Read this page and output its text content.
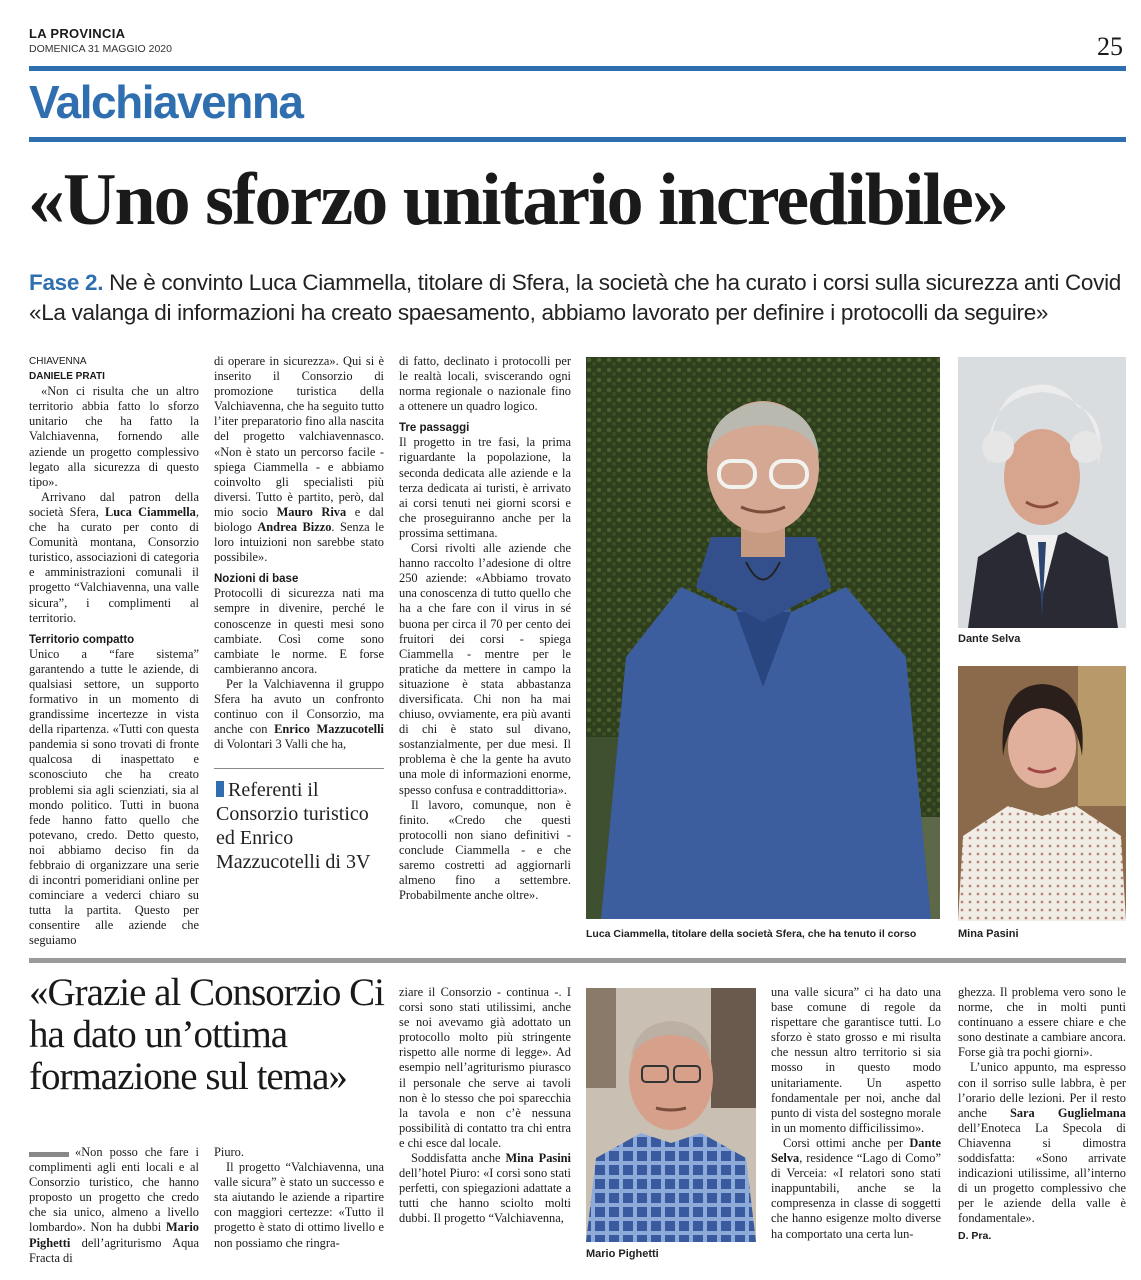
LA PROVINCIA
DOMENICA 31 MAGGIO 2020	25
Valchiavenna
«Uno sforzo unitario incredibile»
Fase 2. Ne è convinto Luca Ciammella, titolare di Sfera, la società che ha curato i corsi sulla sicurezza anti Covid
«La valanga di informazioni ha creato spaesamento, abbiamo lavorato per definire i protocolli da seguire»
CHIAVENNA
DANIELE PRATI

«Non ci risulta che un altro territorio abbia fatto lo sforzo unitario che ha fatto la Valchiavenna, fornendo alle aziende un progetto complessivo legato alla sicurezza di questo tipo».

Arrivano dal patron della società Sfera, Luca Ciammella, che ha curato per conto di Comunità montana, Consorzio turistico, associazioni di categoria e amministrazioni comunali il progetto “Valchiavenna, una valle sicura”, i complimenti al territorio.

Territorio compatto

Unico a “fare sistema” garantendo a tutte le aziende, di qualsiasi settore, un supporto formativo in un momento di grandissime incertezze in vista della ripartenza. «Tutti con questa pandemia si sono trovati di fronte qualcosa di inaspettato e sconosciuto che ha creato problemi sia agli scienziati, sia al mondo politico. Tutti in buona fede hanno fatto quello che potevano, credo. Detto questo, noi abbiamo deciso fin da febbraio di organizzare una serie di incontri pomeridiani online per cominciare a vederci chiaro su tutta la partita. Questo per consentire alle aziende che seguiamo

di operare in sicurezza». Qui si è inserito il Consorzio di promozione turistica della Valchiavenna, che ha seguito tutto l’iter preparatorio fino alla nascita del progetto valchiavennasco. «Non è stato un percorso facile - spiega Ciammella - e abbiamo coinvolto gli specialisti più diversi. Tutto è partito, però, dal mio socio Mauro Riva e dal biologo Andrea Bizzo. Senza le loro intuizioni non sarebbe stato possibile».

Nozioni di base

Protocolli di sicurezza nati ma sempre in divenire, perché le conoscenze in questi mesi sono cambiate. Così come sono cambiate le norme. E forse cambieranno ancora.

Per la Valchiavenna il gruppo Sfera ha avuto un confronto continuo con il Consorzio, ma anche con Enrico Mazzucotelli di Volontari 3 Valli che ha,

Referenti il Consorzio turistico ed Enrico Mazzucotelli di 3V

di fatto, declinato i protocolli per le realtà locali, sviscerando ogni norma regionale o nazionale fino a ottenere un quadro logico.

Tre passaggi

Il progetto in tre fasi, la prima riguardante la popolazione, la seconda dedicata alle aziende e la terza dedicata ai turisti, è arrivato ai corsi tenuti nei giorni scorsi e che proseguiranno anche per la prossima settimana.

Corsi rivolti alle aziende che hanno raccolto l’adesione di oltre 250 aziende: «Abbiamo trovato una conoscenza di tutto quello che ha a che fare con il virus in sé buona per circa il 70 per cento dei fruitori dei corsi - spiega Ciammella - mentre per le pratiche da mettere in campo la situazione è stata abbastanza diversificata. Chi non ha mai chiuso, ovviamente, era più avanti di chi è stato sul divano, sostanzialmente, per due mesi. Il problema è che la gente ha avuto una mole di informazioni enorme, spesso confusa e contraddittoria».

Il lavoro, comunque, non è finito. «Credo che questi protocolli non siano definitivi - conclude Ciammella - e che saremo costretti ad aggiornarli almeno fino a settembre. Probabilmente anche oltre».

Luca Ciammella, titolare della società Sfera, che ha tenuto il corso
Dante Selva
Mina Pasini
«Grazie al Consorzio Ci ha dato un’ottima formazione sul tema»

«Non posso che fare i complimenti agli enti locali e al Consorzio turistico, che hanno proposto un progetto che credo che sia unico, almeno a livello lombardo». Non ha dubbi Mario Pighetti dell’agriturismo Aqua Fracta di

Piuro.

Il progetto “Valchiavenna, una valle sicura” è stato un successo e sta aiutando le aziende a ripartire con maggiori certezze: «Tutto il progetto è stato di ottimo livello e non possiamo che ringra-

ziare il Consorzio - continua -. I corsi sono stati utilissimi, anche se noi avevamo già adottato un protocollo molto più stringente rispetto alle norme di legge». Ad esempio nell’agriturismo piurasco il personale che serve ai tavoli non è lo stesso che poi sparecchia la tavola e non c’è nessuna possibilità di contatto tra chi entra e chi esce dal locale.

Soddisfatta anche Mina Pasini dell’hotel Piuro: «I corsi sono stati perfetti, con spiegazioni adattate a tutti che hanno sciolto molti dubbi. Il progetto “Valchiavenna,

Mario Pighetti

una valle sicura” ci ha dato una base comune di regole da rispettare che garantisce tutti. Lo sforzo è stato grosso e mi risulta che nessun altro territorio si sia mosso in questo modo unitariamente. Un aspetto fondamentale per noi, anche dal punto di vista del sostegno morale in un momento difficilissimo».

Corsi ottimi anche per Dante Selva, residence “Lago di Como” di Verceia: «I relatori sono stati inappuntabili, anche se la compresenza in classe di soggetti che hanno esigenze molto diverse ha comportato una certa lun-

ghezza. Il problema vero sono le norme, che in molti punti continuano a essere chiare e che sono destinate a cambiare ancora. Forse già tra pochi giorni».

L’unico appunto, ma espresso con il sorriso sulle labbra, è per l’orario delle lezioni. Per il resto anche Sara Guglielmana dell’Enoteca La Specola di Chiavenna si dimostra soddisfatta: «Sono arrivate indicazioni utilissime, all’interno di un progetto complessivo che per le aziende della valle è fondamentale».

D. Pra.
